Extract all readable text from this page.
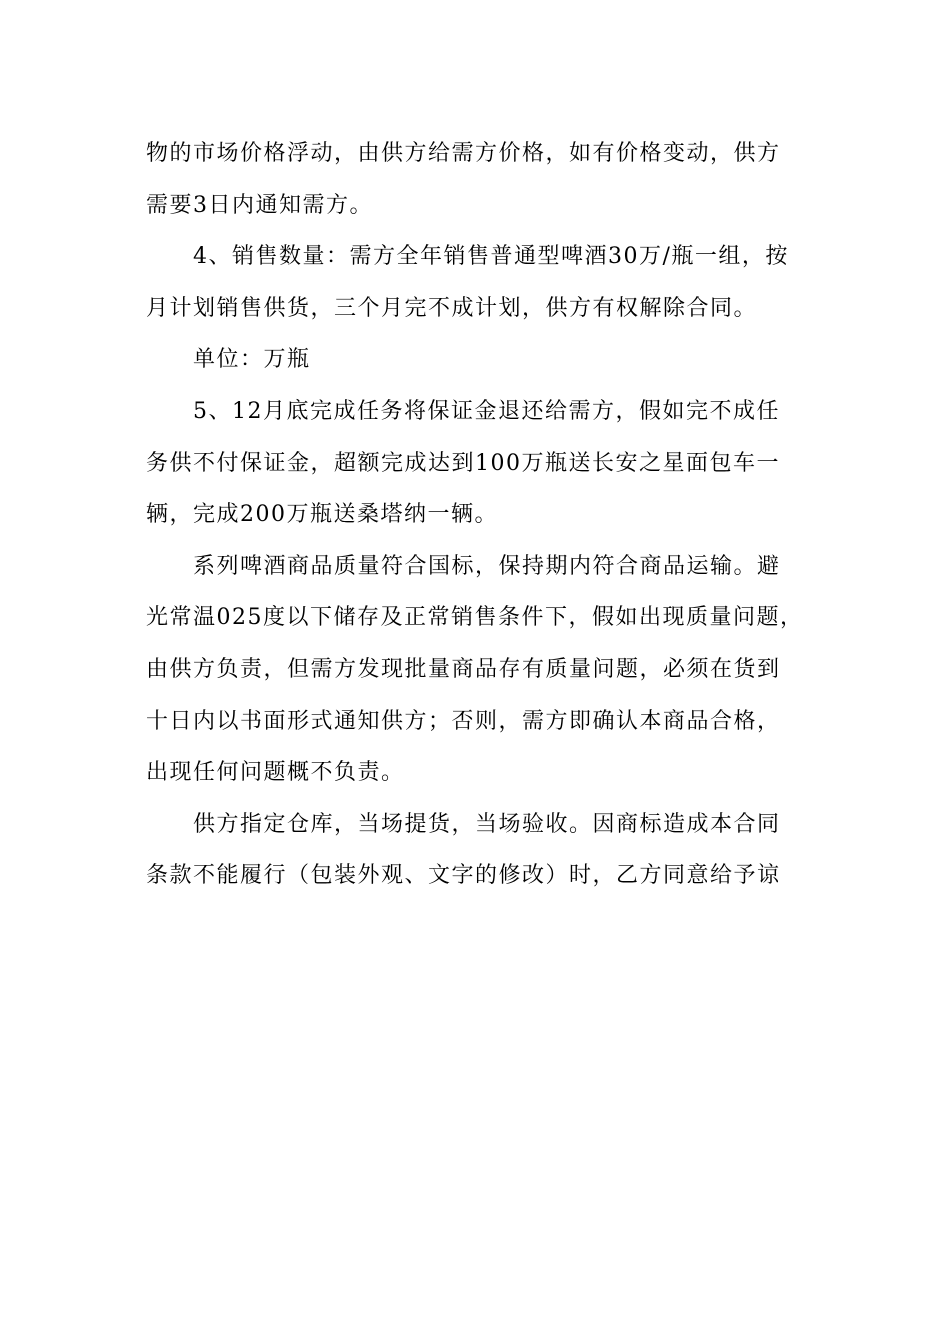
物的市场价格浮动，由供方给需方价格，如有价格变动，供方
需要3日内通知需方。
　　4、销售数量：需方全年销售普通型啤酒30万/瓶一组，按
月计划销售供货，三个月完不成计划，供方有权解除合同。
　　单位：万瓶
　　5、12月底完成任务将保证金退还给需方，假如完不成任
务供不付保证金，超额完成达到100万瓶送长安之星面包车一
辆，完成200万瓶送桑塔纳一辆。
　　系列啤酒商品质量符合国标，保持期内符合商品运输。避
光常温025度以下储存及正常销售条件下，假如出现质量问题，
由供方负责，但需方发现批量商品存有质量问题，必须在货到
十日内以书面形式通知供方；否则，需方即确认本商品合格，
出现任何问题概不负责。
　　供方指定仓库，当场提货，当场验收。因商标造成本合同
条款不能履行（包装外观、文字的修改）时，乙方同意给予谅
